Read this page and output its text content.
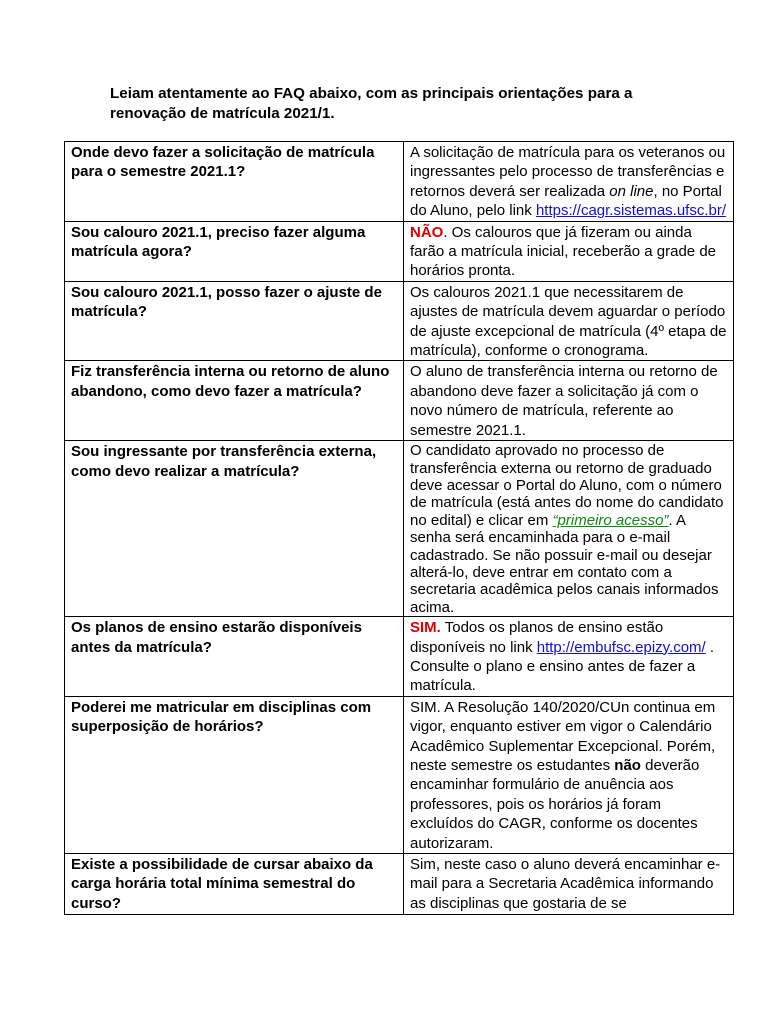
Leiam atentamente ao FAQ abaixo, com as principais orientações para a renovação de matrícula 2021/1.

Onde devo fazer a solicitação de matrícula para o semestre 2021.1?	A solicitação de matrícula para os veteranos ou ingressantes pelo processo de transferências e retornos deverá ser realizada on line, no Portal do Aluno, pelo link https://cagr.sistemas.ufsc.br/
Sou calouro 2021.1, preciso fazer alguma matrícula agora?	NÃO. Os calouros que já fizeram ou ainda farão a matrícula inicial, receberão a grade de horários pronta.
Sou calouro 2021.1, posso fazer o ajuste de matrícula?	Os calouros 2021.1 que necessitarem de ajustes de matrícula devem aguardar o período de ajuste excepcional de matrícula (4º etapa de matrícula), conforme o cronograma.
Fiz transferência interna ou retorno de aluno abandono, como devo fazer a matrícula?	O aluno de transferência interna ou retorno de abandono deve fazer a solicitação já com o novo número de matrícula, referente ao semestre 2021.1.
Sou ingressante por transferência externa, como devo realizar a matrícula?	O candidato aprovado no processo de transferência externa ou retorno de graduado deve acessar o Portal do Aluno, com o número de matrícula (está antes do nome do candidato no edital) e clicar em “primeiro acesso”. A senha será encaminhada para o e-mail cadastrado. Se não possuir e-mail ou desejar alterá-lo, deve entrar em contato com a secretaria acadêmica pelos canais informados acima.
Os planos de ensino estarão disponíveis antes da matrícula?	SIM. Todos os planos de ensino estão disponíveis no link http://embufsc.epizy.com/ . Consulte o plano e ensino antes de fazer a matrícula.
Poderei me matricular em disciplinas com superposição de horários?	SIM. A Resolução 140/2020/CUn continua em vigor, enquanto estiver em vigor o Calendário Acadêmico Suplementar Excepcional. Porém, neste semestre os estudantes não deverão encaminhar formulário de anuência aos professores, pois os horários já foram excluídos do CAGR, conforme os docentes autorizaram.
Existe a possibilidade de cursar abaixo da carga horária total mínima semestral do curso?	Sim, neste caso o aluno deverá encaminhar e-mail para a Secretaria Acadêmica informando as disciplinas que gostaria de se
